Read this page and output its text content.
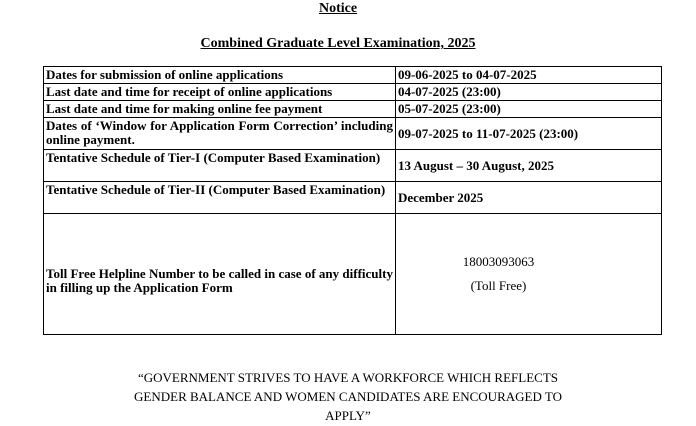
Notice
Combined Graduate Level Examination, 2025
Dates for submission of online applications	09-06-2025 to 04-07-2025
Last date and time for receipt of online applications	04-07-2025 (23:00)
Last date and time for making online fee payment	05-07-2025 (23:00)
Dates of ‘Window for Application Form Correction’ including online payment.	09-07-2025 to 11-07-2025 (23:00)
Tentative Schedule of Tier-I (Computer Based Examination)	13 August – 30 August, 2025
Tentative Schedule of Tier-II (Computer Based Examination)	December 2025
Toll Free Helpline Number to be called in case of any difficulty in filling up the Application Form	18003093063
(Toll Free)
“GOVERNMENT STRIVES TO HAVE A WORKFORCE WHICH REFLECTS
GENDER BALANCE AND WOMEN CANDIDATES ARE ENCOURAGED TO
APPLY”
